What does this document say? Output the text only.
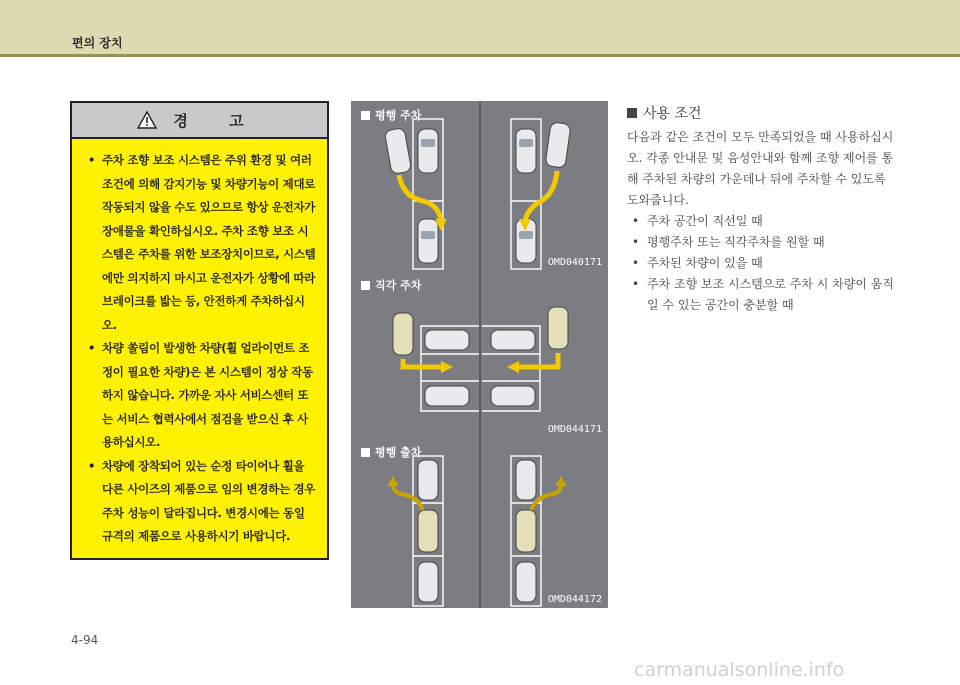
편의 장치
경 고
• 주차 조향 보조 시스템은 주위 환경 및 여러 조건에 의해 감지기능 및 차량기능이 제대로 작동되지 않을 수도 있으므로 항상 운전자가 장애물을 확인하십시오. 주차 조향 보조 시스템은 주차를 위한 보조장치이므로, 시스템에만 의지하지 마시고 운전자가 상황에 따라 브레이크를 밟는 등, 안전하게 주차하십시오.
• 차량 쏠림이 발생한 차량(휠 얼라이먼트 조정이 필요한 차량)은 본 시스템이 정상 작동하지 않습니다. 가까운 자사 서비스센터 또는 서비스 협력사에서 점검을 받으신 후 사용하십시오.
• 차량에 장착되어 있는 순정 타이어나 휠을 다른 사이즈의 제품으로 임의 변경하는 경우 주차 성능이 달라집니다. 변경시에는 동일 규격의 제품으로 사용하시기 바랍니다.
평행 주차
OMD040171
직각 주차
OMD044171
평행 출차
OMD044172
사용 조건
다음과 같은 조건이 모두 만족되었을 때 사용하십시오. 각종 안내문 및 음성안내와 함께 조향 제어를 통해 주차된 차량의 가운데나 뒤에 주차할 수 있도록 도와줍니다.
• 주차 공간이 직선일 때
• 평행주차 또는 직각주차를 원할 때
• 주차된 차량이 있을 때
• 주차 조향 보조 시스템으로 주차 시 차량이 움직일 수 있는 공간이 충분할 때
4-94
carmanualsonline.info
